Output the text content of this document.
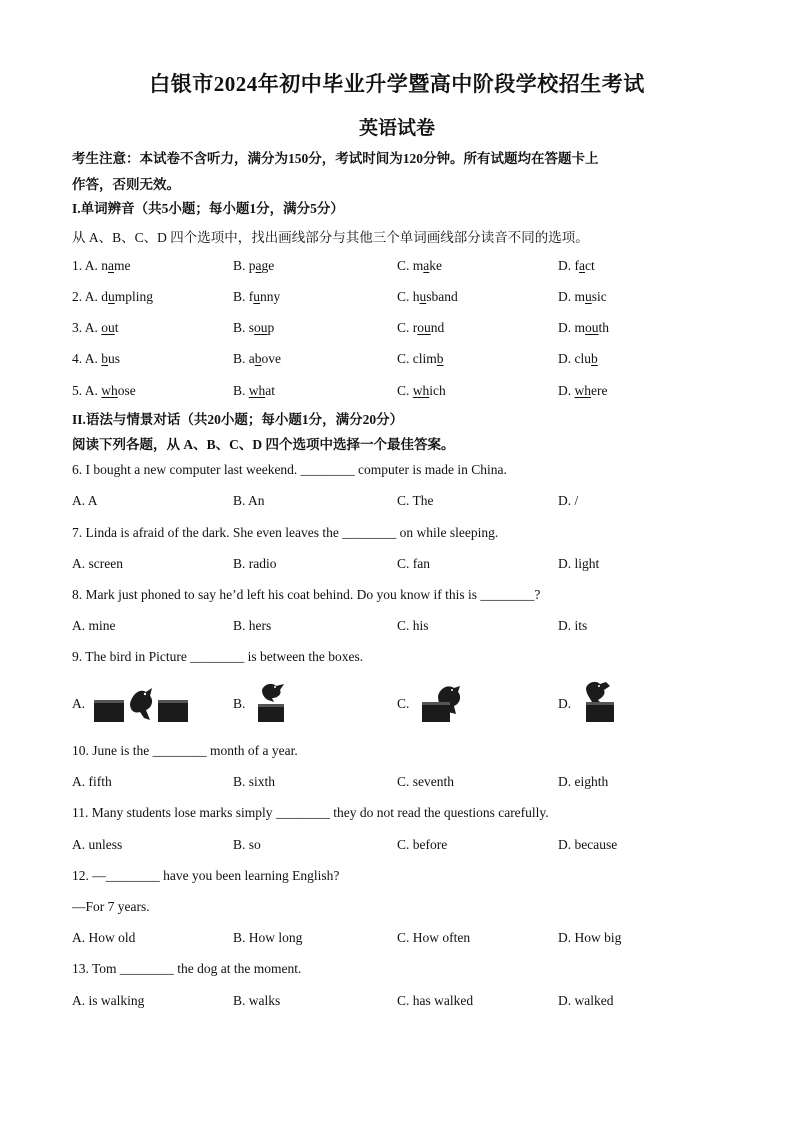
白银市2024年初中毕业升学暨高中阶段学校招生考试
英语试卷
考生注意：本试卷不含听力，满分为150分，考试时间为120分钟。所有试题均在答题卡上
作答，否则无效。
I.单词辨音（共5小题；每小题1分，满分5分）
从 A、B、C、D 四个选项中，找出画线部分与其他三个单词画线部分读音不同的选项。
1. A. name	B. page	C. make	D. fact
2. A. dumpling	B. funny	C. husband	D. music
3. A. out	B. soup	C. round	D. mouth
4. A. bus	B. above	C. climb	D. club
5. A. whose	B. what	C. which	D. where
II.语法与情景对话（共20小题；每小题1分，满分20分）
阅读下列各题，从 A、B、C、D 四个选项中选择一个最佳答案。
6. I bought a new computer last weekend. ________ computer is made in China.
A. A	B. An	C. The	D. /
7. Linda is afraid of the dark. She even leaves the ________ on while sleeping.
A. screen	B. radio	C. fan	D. light
8. Mark just phoned to say he’d left his coat behind. Do you know if this is ________?
A. mine	B. hers	C. his	D. its
9. The bird in Picture ________ is between the boxes.
A.	B.	C.	D.
10. June is the ________ month of a year.
A. fifth	B. sixth	C. seventh	D. eighth
11. Many students lose marks simply ________ they do not read the questions carefully.
A. unless	B. so	C. before	D. because
12. —________ have you been learning English?
—For 7 years.
A. How old	B. How long	C. How often	D. How big
13. Tom ________ the dog at the moment.
A. is walking	B. walks	C. has walked	D. walked
